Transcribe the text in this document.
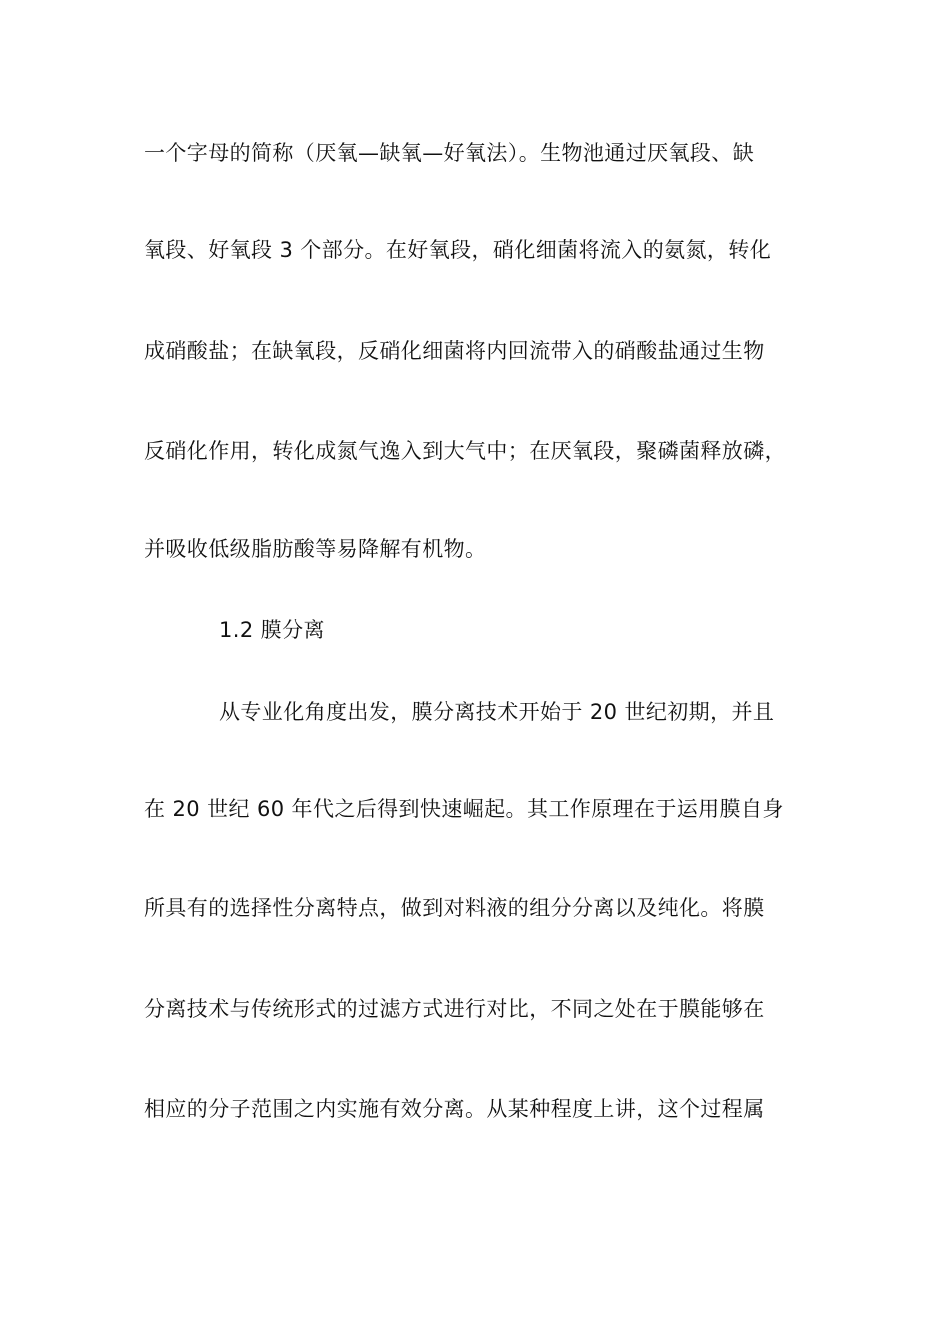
一个字母的简称（厌氧—缺氧—好氧法）。生物池通过厌氧段、缺
氧段、好氧段 3 个部分。在好氧段，硝化细菌将流入的氨氮，转化
成硝酸盐；在缺氧段，反硝化细菌将内回流带入的硝酸盐通过生物
反硝化作用，转化成氮气逸入到大气中；在厌氧段，聚磷菌释放磷，
并吸收低级脂肪酸等易降解有机物。
1.2 膜分离
从专业化角度出发，膜分离技术开始于 20 世纪初期，并且
在 20 世纪 60 年代之后得到快速崛起。其工作原理在于运用膜自身
所具有的选择性分离特点，做到对料液的组分分离以及纯化。将膜
分离技术与传统形式的过滤方式进行对比，不同之处在于膜能够在
相应的分子范围之内实施有效分离。从某种程度上讲，这个过程属
